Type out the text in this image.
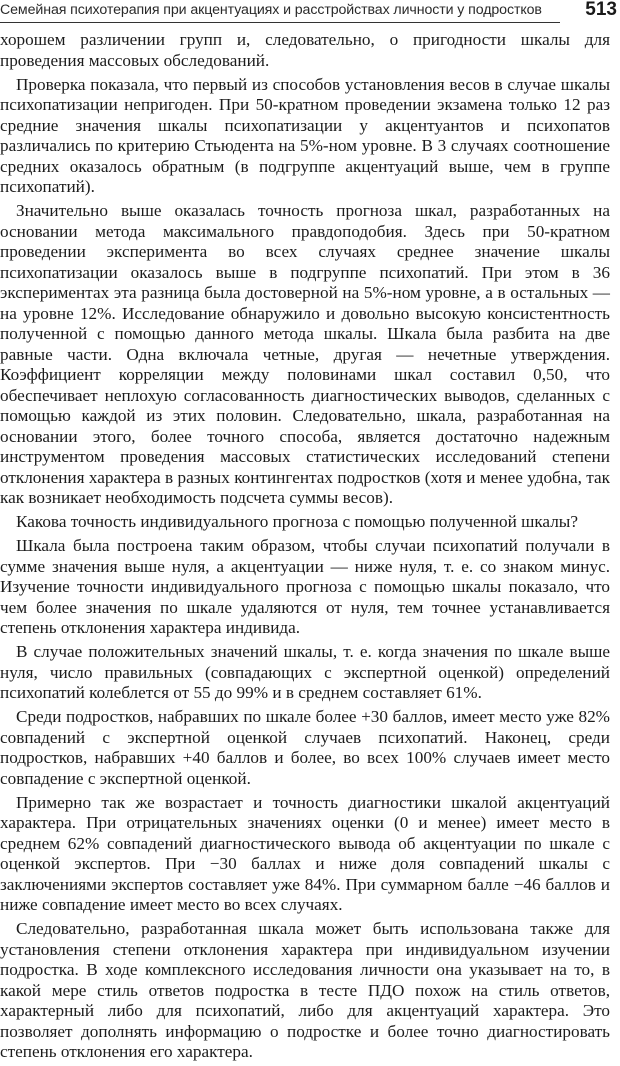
Семейная психотерапия при акцентуациях и расстройствах личности у подростков 513

хорошем различении групп и, следовательно, о пригодности шкалы для проведения массовых обследований.

Проверка показала, что первый из способов установления весов в случае шкалы психопатизации непригоден. При 50-кратном проведении экзамена только 12 раз средние значения шкалы психопатизации у акцентуантов и психопатов различались по критерию Стьюдента на 5%-ном уровне. В 3 случаях соотношение средних оказалось обратным (в подгруппе акцентуаций выше, чем в группе психопатий).

Значительно выше оказалась точность прогноза шкал, разработанных на основании метода максимального правдоподобия. Здесь при 50-кратном проведении эксперимента во всех случаях среднее значение шкалы психопатизации оказалось выше в подгруппе психопатий. При этом в 36 экспериментах эта разница была достоверной на 5%-ном уровне, а в остальных — на уровне 12%. Исследование обнаружило и довольно высокую консистентность полученной с помощью данного метода шкалы. Шкала была разбита на две равные части. Одна включала четные, другая — нечетные утверждения. Коэффициент корреляции между половинами шкал составил 0,50, что обеспечивает неплохую согласованность диагностических выводов, сделанных с помощью каждой из этих половин. Следовательно, шкала, разработанная на основании этого, более точного способа, является достаточно надежным инструментом проведения массовых статистических исследований степени отклонения характера в разных контингентах подростков (хотя и менее удобна, так как возникает необходимость подсчета суммы весов).

Какова точность индивидуального прогноза с помощью полученной шкалы?

Шкала была построена таким образом, чтобы случаи психопатий получали в сумме значения выше нуля, а акцентуации — ниже нуля, т. е. со знаком минус. Изучение точности индивидуального прогноза с помощью шкалы показало, что чем более значения по шкале удаляются от нуля, тем точнее устанавливается степень отклонения характера индивида.

В случае положительных значений шкалы, т. е. когда значения по шкале выше нуля, число правильных (совпадающих с экспертной оценкой) определений психопатий колеблется от 55 до 99% и в среднем составляет 61%.

Среди подростков, набравших по шкале более +30 баллов, имеет место уже 82% совпадений с экспертной оценкой случаев психопатий. Наконец, среди подростков, набравших +40 баллов и более, во всех 100% случаев имеет место совпадение с экспертной оценкой.

Примерно так же возрастает и точность диагностики шкалой акцентуаций характера. При отрицательных значениях оценки (0 и менее) имеет место в среднем 62% совпадений диагностического вывода об акцентуации по шкале с оценкой экспертов. При −30 баллах и ниже доля совпадений шкалы с заключениями экспертов составляет уже 84%. При суммарном балле −46 баллов и ниже совпадение имеет место во всех случаях.

Следовательно, разработанная шкала может быть использована также для установления степени отклонения характера при индивидуальном изучении подростка. В ходе комплексного исследования личности она указывает на то, в какой мере стиль ответов подростка в тесте ПДО похож на стиль ответов, характерный либо для психопатий, либо для акцентуаций характера. Это позволяет дополнять информацию о подростке и более точно диагностировать степень отклонения его характера.
